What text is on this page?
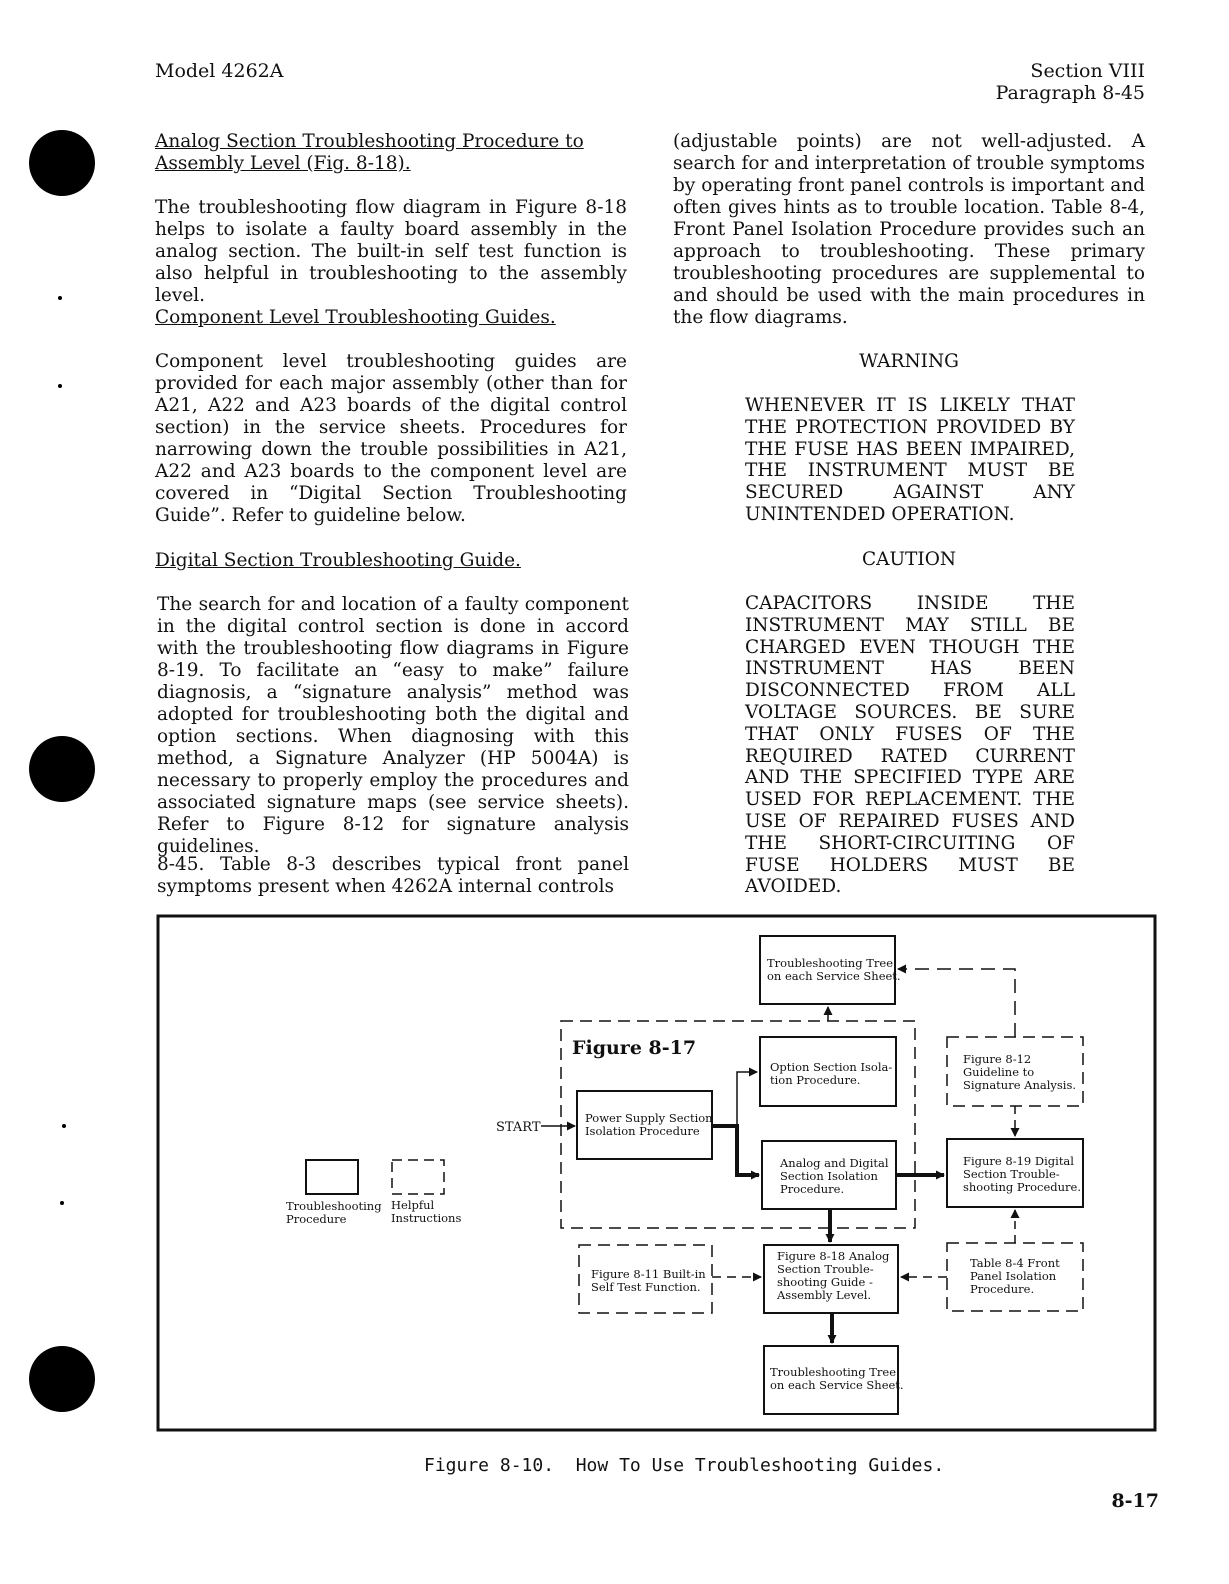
Model 4262A	Section VIII
Paragraph 8-45
Analog Section Troubleshooting Procedure to
Assembly Level (Fig. 8-18).
The troubleshooting flow diagram in Figure 8-18 helps to isolate a faulty board assembly in the analog section. The built-in self test function is also helpful in troubleshooting to the assembly level.
Component Level Troubleshooting Guides.
Component level troubleshooting guides are provided for each major assembly (other than for A21, A22 and A23 boards of the digital control section) in the service sheets. Procedures for narrowing down the trouble possibilities in A21, A22 and A23 boards to the component level are covered in “Digital Section Troubleshooting Guide”. Refer to guideline below.
Digital Section Troubleshooting Guide.
The search for and location of a faulty component in the digital control section is done in accord with the troubleshooting flow diagrams in Figure 8-19. To facilitate an “easy to make” failure diagnosis, a “signature analysis” method was adopted for troubleshooting both the digital and option sections. When diagnosing with this method, a Signature Analyzer (HP 5004A) is necessary to properly employ the procedures and associated signature maps (see service sheets). Refer to Figure 8-12 for signature analysis guidelines.
8-45. Table 8-3 describes typical front panel symptoms present when 4262A internal controls
(adjustable points) are not well-adjusted. A search for and interpretation of trouble symptoms by operating front panel controls is important and often gives hints as to trouble location. Table 8-4, Front Panel Isolation Procedure provides such an approach to troubleshooting. These primary troubleshooting procedures are supplemental to and should be used with the main procedures in the flow diagrams.
WARNING
WHENEVER IT IS LIKELY THAT THE PROTECTION PROVIDED BY THE FUSE HAS BEEN IMPAIRED, THE INSTRUMENT MUST BE SECURED AGAINST ANY UNINTENDED OPERATION.
CAUTION
CAPACITORS INSIDE THE INSTRUMENT MAY STILL BE CHARGED EVEN THOUGH THE INSTRUMENT HAS BEEN DISCONNECTED FROM ALL VOLTAGE SOURCES. BE SURE THAT ONLY FUSES OF THE REQUIRED RATED CURRENT AND THE SPECIFIED TYPE ARE USED FOR REPLACEMENT. THE USE OF REPAIRED FUSES AND THE SHORT-CIRCUITING OF FUSE HOLDERS MUST BE AVOIDED.
Troubleshooting Procedure
Helpful Instructions
Figure 8-17
START
Troubleshooting Tree on each Service Sheet.
Option Section Isola-tion Procedure.
Power Supply Section Isolation Procedure
Analog and Digital Section Isolation Procedure.
Figure 8-12 Guideline to Signature Analysis.
Figure 8-19 Digital Section Trouble-shooting Procedure.
Figure 8-11 Built-in Self Test Function.
Figure 8-18 Analog Section Trouble-shooting Guide -Assembly Level.
Table 8-4 Front Panel Isolation Procedure.
Troubleshooting Tree on each Service Sheet.
Figure 8-10.  How To Use Troubleshooting Guides.
8-17
